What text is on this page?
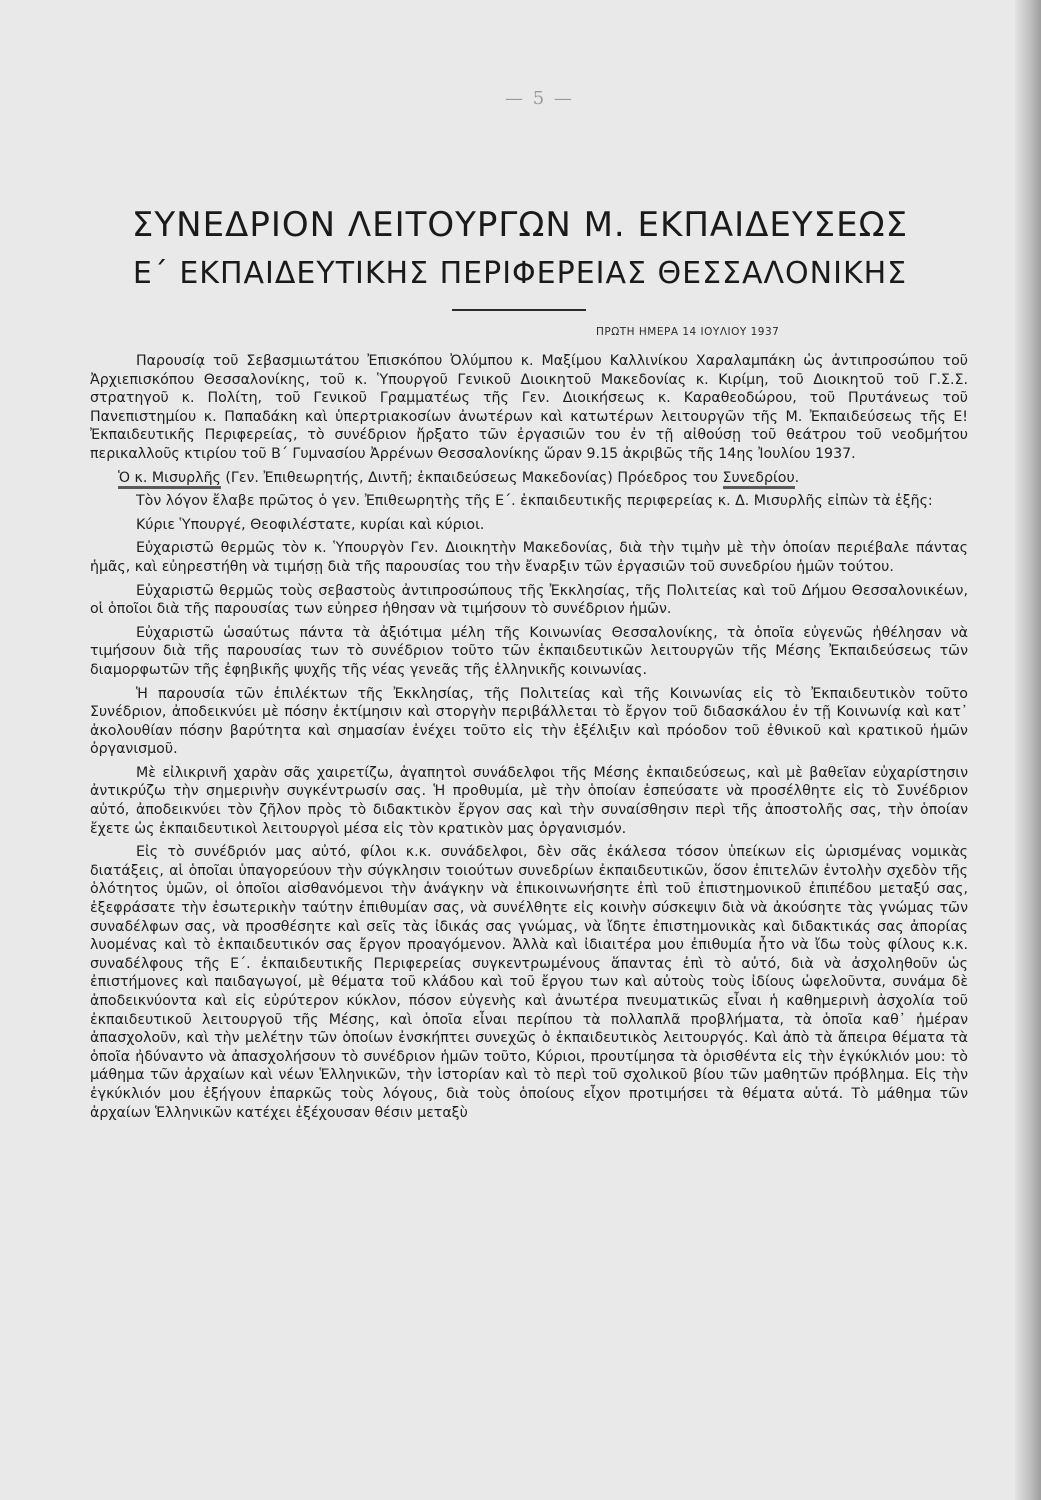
— 5 —
ΣΥΝΕΔΡΙΟΝ ΛΕΙΤΟΥΡΓΩΝ Μ. ΕΚΠΑΙΔΕΥΣΕΩΣ
Ε΄ ΕΚΠΑΙΔΕΥΤΙΚΗΣ ΠΕΡΙΦΕΡΕΙΑΣ ΘΕΣΣΑΛΟΝΙΚΗΣ
ΠΡΩΤΗ ΗΜΕΡΑ 14 ΙΟΥΛΙΟΥ 1937

Παρουσίᾳ τοῦ Σεβασμιωτάτου Ἐπισκόπου Ὀλύμπου κ. Μαξίμου Καλλινίκου Χαραλαμπάκη ὡς ἀντιπροσώπου τοῦ Ἀρχιεπισκόπου Θεσσαλονίκης, τοῦ κ. Ὑπουργοῦ Γενικοῦ Διοικητοῦ Μακεδονίας κ. Κιρίμη, τοῦ Διοικητοῦ τοῦ Γ.Σ.Σ. στρατηγοῦ κ. Πολίτη, τοῦ Γενικοῦ Γραμματέως τῆς Γεν. Διοικήσεως κ. Καραθεοδώρου, τοῦ Πρυτάνεως τοῦ Πανεπιστημίου κ. Παπαδάκη καὶ ὑπερτριακοσίων ἀνωτέρων καὶ κατωτέρων λειτουργῶν τῆς Μ. Ἐκπαιδεύσεως τῆς Ε! Ἐκπαιδευτικῆς Περιφερείας, τὸ συνέδριον ἤρξατο τῶν ἐργασιῶν του ἐν τῇ αἰθούσῃ τοῦ θεάτρου τοῦ νεοδμήτου περικαλλοῦς κτιρίου τοῦ Β΄ Γυμνασίου Ἀρρένων Θεσσαλονίκης ὥραν 9.15 ἀκριβῶς τῆς 14ης Ἰουλίου 1937.

Ὁ κ. Μισυρλῆς (Γεν. Ἐπιθεωρητής, Διντῆ; ἐκπαιδεύσεως Μακεδονίας) Πρόεδρος του Συνεδρίου.

Τὸν λόγον ἔλαβε πρῶτος ὁ γεν. Ἐπιθεωρητὴς τῆς Ε΄. ἐκπαιδευτικῆς περιφερείας κ. Δ. Μισυρλῆς εἰπὼν τὰ ἑξῆς:

Κύριε Ὑπουργέ, Θεοφιλέστατε, κυρίαι καὶ κύριοι.

Εὐχαριστῶ θερμῶς τὸν κ. Ὑπουργὸν Γεν. Διοικητὴν Μακεδονίας, διὰ τὴν τιμὴν μὲ τὴν ὁποίαν περιέβαλε πάντας ἡμᾶς, καὶ εὐηρεστήθη νὰ τιμήσῃ διὰ τῆς παρουσίας του τὴν ἔναρξιν τῶν ἐργασιῶν τοῦ συνεδρίου ἡμῶν τούτου.

Εὐχαριστῶ θερμῶς τοὺς σεβαστοὺς ἀντιπροσώπους τῆς Ἐκκλησίας, τῆς Πολιτείας καὶ τοῦ Δήμου Θεσσαλονικέων, οἱ ὁποῖοι διὰ τῆς παρουσίας των εὐηρεσ ἡθησαν νὰ τιμήσουν τὸ συνέδριον ἡμῶν.

Εὐχαριστῶ ὡσαύτως πάντα τὰ ἀξιότιμα μέλη τῆς Κοινωνίας Θεσσαλονίκης, τὰ ὁποῖα εὐγενῶς ἠθέλησαν νὰ τιμήσουν διὰ τῆς παρουσίας των τὸ συνέδριον τοῦτο τῶν ἐκπαιδευτικῶν λειτουργῶν τῆς Μέσης Ἐκπαιδεύσεως τῶν διαμορφωτῶν τῆς ἐφηβικῆς ψυχῆς τῆς νέας γενεᾶς τῆς ἑλληνικῆς κοινωνίας.

Ἡ παρουσία τῶν ἐπιλέκτων τῆς Ἐκκλησίας, τῆς Πολιτείας καὶ τῆς Κοινωνίας εἰς τὸ Ἐκπαιδευτικὸν τοῦτο Συνέδριον, ἀποδεικνύει μὲ πόσην ἐκτίμησιν καὶ στοργὴν περιβάλλεται τὸ ἔργον τοῦ διδασκάλου ἐν τῇ Κοινωνίᾳ καὶ κατ᾽ ἀκολουθίαν πόσην βαρύτητα καὶ σημασίαν ἐνέχει τοῦτο εἰς τὴν ἐξέλιξιν καὶ πρόοδον τοῦ ἐθνικοῦ καὶ κρατικοῦ ἡμῶν ὀργανισμοῦ.

Μὲ εἰλικρινῆ χαρὰν σᾶς χαιρετίζω, ἀγαπητοὶ συνάδελφοι τῆς Μέσης ἐκπαιδεύσεως, καὶ μὲ βαθεῖαν εὐχαρίστησιν ἀντικρύζω τὴν σημερινὴν συγκέντρωσίν σας. Ἡ προθυμία, μὲ τὴν ὁποίαν ἐσπεύσατε νὰ προσέλθητε εἰς τὸ Συνέδριον αὐτό, ἀποδεικνύει τὸν ζῆλον πρὸς τὸ διδακτικὸν ἔργον σας καὶ τὴν συναίσθησιν περὶ τῆς ἀποστολῆς σας, τὴν ὁποίαν ἔχετε ὡς ἐκπαιδευτικοὶ λειτουργοὶ μέσα εἰς τὸν κρατικὸν μας ὀργανισμόν.

Εἰς τὸ συνέδριόν μας αὐτό, φίλοι κ.κ. συνάδελφοι, δὲν σᾶς ἐκάλεσα τόσον ὑπείκων εἰς ὡρισμένας νομικὰς διατάξεις, αἱ ὁποῖαι ὑπαγορεύουν τὴν σύγκλησιν τοιούτων συνεδρίων ἐκπαιδευτικῶν, ὅσον ἐπιτελῶν ἐντολὴν σχεδὸν τῆς ὁλότητος ὑμῶν, οἱ ὁποῖοι αἰσθανόμενοι τὴν ἀνάγκην νὰ ἐπικοινωνήσητε ἐπὶ τοῦ ἐπιστημονικοῦ ἐπιπέδου μεταξύ σας, ἐξεφράσατε τὴν ἐσωτερικὴν ταύτην ἐπιθυμίαν σας, νὰ συνέλθητε εἰς κοινὴν σύσκεψιν διὰ νὰ ἀκούσητε τὰς γνώμας τῶν συναδέλφων σας, νὰ προσθέσητε καὶ σεῖς τὰς ἰδικάς σας γνώμας, νὰ ἴδητε ἐπιστημονικὰς καὶ διδακτικάς σας ἀπορίας λυομένας καὶ τὸ ἐκπαιδευτικόν σας ἔργον προαγόμενον. Ἀλλὰ καὶ ἰδιαιτέρα μου ἐπιθυμία ἦτο νὰ ἴδω τοὺς φίλους κ.κ. συναδέλφους τῆς Ε΄. ἐκπαιδευτικῆς Περιφερείας συγκεντρωμένους ἅπαντας ἐπὶ τὸ αὐτό, διὰ νὰ ἀσχοληθοῦν ὡς ἐπιστήμονες καὶ παιδαγωγοί, μὲ θέματα τοῦ κλάδου καὶ τοῦ ἔργου των καὶ αὐτοὺς τοὺς ἰδίους ὠφελοῦντα, συνάμα δὲ ἀποδεικνύοντα καὶ εἰς εὐρύτερον κύκλον, πόσον εὐγενὴς καὶ ἀνωτέρα πνευματικῶς εἶναι ἡ καθημερινὴ ἀσχολία τοῦ ἐκπαιδευτικοῦ λειτουργοῦ τῆς Μέσης, καὶ ὁποῖα εἶναι περίπου τὰ πολλαπλᾶ προβλήματα, τὰ ὁποῖα καθ᾽ ἡμέραν ἀπασχολοῦν, καὶ τὴν μελέτην τῶν ὁποίων ἐνσκήπτει συνεχῶς ὁ ἐκπαιδευτικὸς λειτουργός. Καὶ ἀπὸ τὰ ἄπειρα θέματα τὰ ὁποῖα ἠδύναντο νὰ ἀπασχολήσουν τὸ συνέδριον ἡμῶν τοῦτο, Κύριοι, προυτίμησα τὰ ὁρισθέντα εἰς τὴν ἐγκύκλιόν μου: τὸ μάθημα τῶν ἀρχαίων καὶ νέων Ἑλληνικῶν, τὴν ἱστορίαν καὶ τὸ περὶ τοῦ σχολικοῦ βίου τῶν μαθητῶν πρόβλημα. Εἰς τὴν ἐγκύκλιόν μου ἐξήγουν ἐπαρκῶς τοὺς λόγους, διὰ τοὺς ὁποίους εἶχον προτιμήσει τὰ θέματα αὐτά. Τὸ μάθημα τῶν ἀρχαίων Ἑλληνικῶν κατέχει ἐξέχουσαν θέσιν μεταξὺ
